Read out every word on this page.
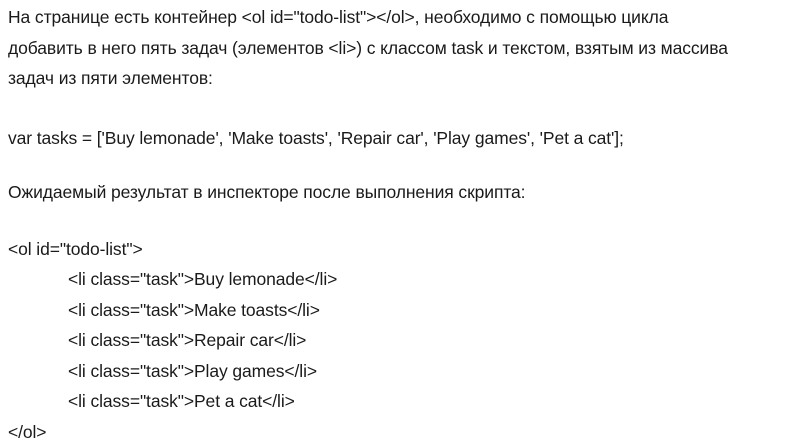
На странице есть контейнер <ol id="todo-list"></ol>, необходимо с помощью цикла
добавить в него пять задач (элементов <li>) с классом task и текстом, взятым из массива
задач из пяти элементов:
var tasks = ['Buy lemonade', 'Make toasts', 'Repair car', 'Play games', 'Pet a cat'];
Ожидаемый результат в инспекторе после выполнения скрипта:
<ol id="todo-list">
<li class="task">Buy lemonade</li>
<li class="task">Make toasts</li>
<li class="task">Repair car</li>
<li class="task">Play games</li>
<li class="task">Pet a cat</li>
</ol>
